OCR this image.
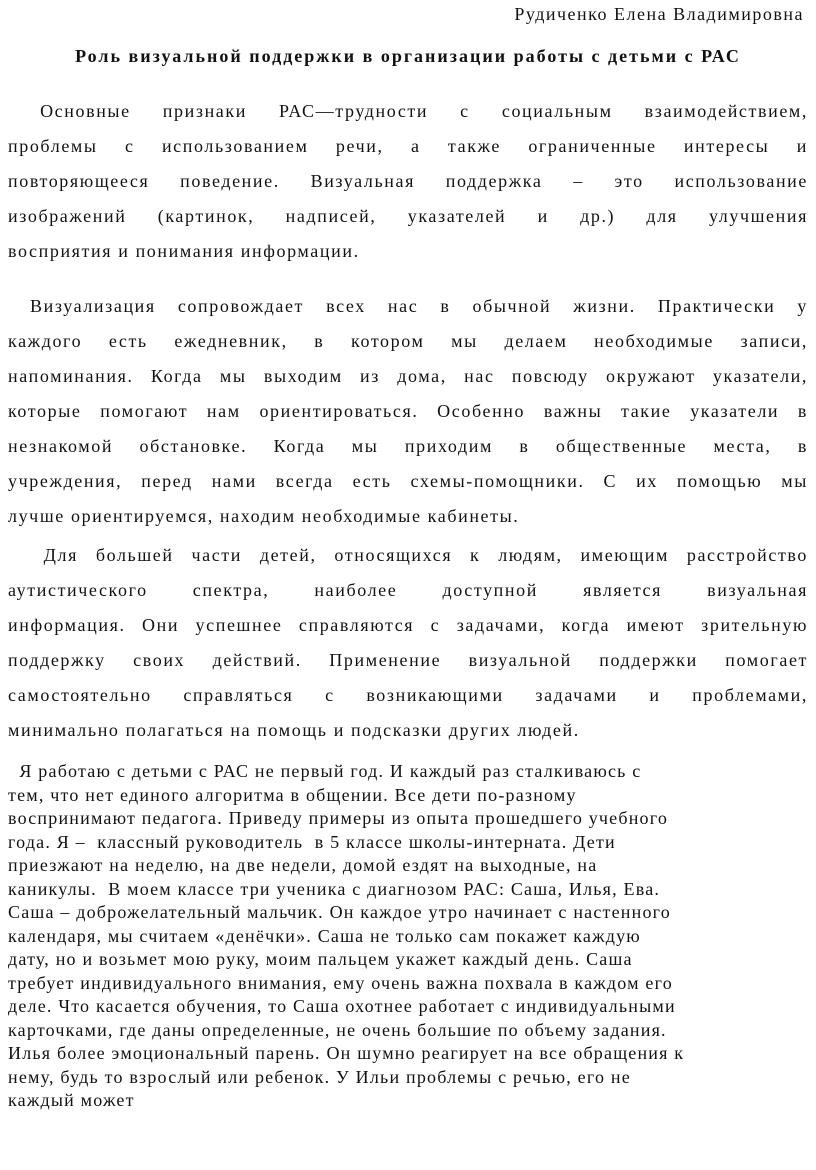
Рудиченко Елена Владимировна
Роль визуальной поддержки в организации работы с детьми с РАС
Основные признаки РАС—трудности с социальным взаимодействием,
проблемы с использованием речи, а также ограниченные интересы и
повторяющееся поведение. Визуальная поддержка – это использование
изображений (картинок, надписей, указателей и др.) для улучшения
восприятия и понимания информации.
Визуализация сопровождает всех нас в обычной жизни. Практически у
каждого есть ежедневник, в котором мы делаем необходимые записи,
напоминания. Когда мы выходим из дома, нас повсюду окружают указатели,
которые помогают нам ориентироваться. Особенно важны такие указатели в
незнакомой обстановке. Когда мы приходим в общественные места, в
учреждения, перед нами всегда есть схемы-помощники. С их помощью мы
лучше ориентируемся, находим необходимые кабинеты.
Для большей части детей, относящихся к людям, имеющим расстройство
аутистического спектра, наиболее доступной является визуальная
информация. Они успешнее справляются с задачами, когда имеют зрительную
поддержку своих действий. Применение визуальной поддержки помогает
самостоятельно справляться с возникающими задачами и проблемами,
минимально полагаться на помощь и подсказки других людей.
Я работаю с детьми с РАС не первый год. И каждый раз сталкиваюсь с
тем, что нет единого алгоритма в общении. Все дети по-разному
воспринимают педагога. Приведу примеры из опыта прошедшего учебного
года. Я –  классный руководитель  в 5 классе школы-интерната. Дети
приезжают на неделю, на две недели, домой ездят на выходные, на
каникулы.  В моем классе три ученика с диагнозом РАС: Саша, Илья, Ева.
Саша – доброжелательный мальчик. Он каждое утро начинает с настенного
календаря, мы считаем «денёчки». Саша не только сам покажет каждую
дату, но и возьмет мою руку, моим пальцем укажет каждый день. Саша
требует индивидуального внимания, ему очень важна похвала в каждом его
деле. Что касается обучения, то Саша охотнее работает с индивидуальными
карточками, где даны определенные, не очень большие по объему задания.
Илья более эмоциональный парень. Он шумно реагирует на все обращения к
нему, будь то взрослый или ребенок. У Ильи проблемы с речью, его не
каждый может
